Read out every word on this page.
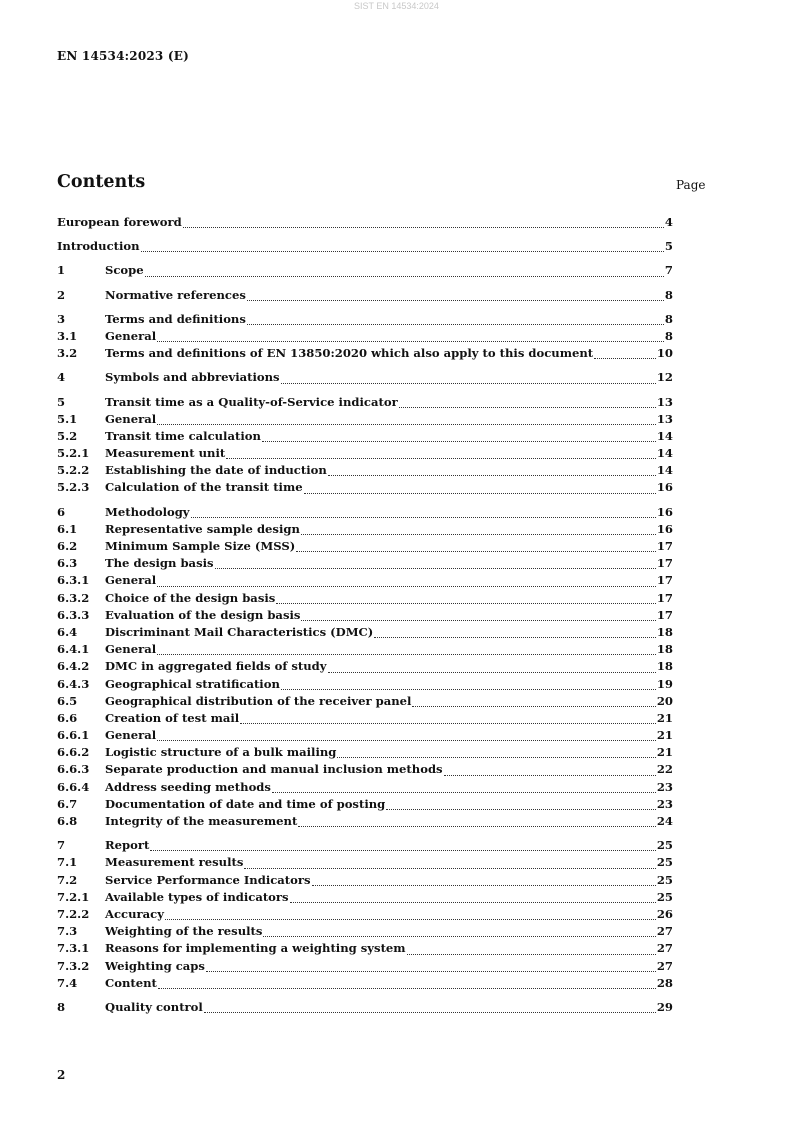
SIST EN 14534:2024
EN 14534:2023 (E)
Contents	Page
European foreword	4
Introduction	5
1	Scope	7
2	Normative references	8
3	Terms and definitions	8
3.1	General	8
3.2	Terms and definitions of EN 13850:2020 which also apply to this document	10
4	Symbols and abbreviations	12
5	Transit time as a Quality-of-Service indicator	13
5.1	General	13
5.2	Transit time calculation	14
5.2.1	Measurement unit	14
5.2.2	Establishing the date of induction	14
5.2.3	Calculation of the transit time	16
6	Methodology	16
6.1	Representative sample design	16
6.2	Minimum Sample Size (MSS)	17
6.3	The design basis	17
6.3.1	General	17
6.3.2	Choice of the design basis	17
6.3.3	Evaluation of the design basis	17
6.4	Discriminant Mail Characteristics (DMC)	18
6.4.1	General	18
6.4.2	DMC in aggregated fields of study	18
6.4.3	Geographical stratification	19
6.5	Geographical distribution of the receiver panel	20
6.6	Creation of test mail	21
6.6.1	General	21
6.6.2	Logistic structure of a bulk mailing	21
6.6.3	Separate production and manual inclusion methods	22
6.6.4	Address seeding methods	23
6.7	Documentation of date and time of posting	23
6.8	Integrity of the measurement	24
7	Report	25
7.1	Measurement results	25
7.2	Service Performance Indicators	25
7.2.1	Available types of indicators	25
7.2.2	Accuracy	26
7.3	Weighting of the results	27
7.3.1	Reasons for implementing a weighting system	27
7.3.2	Weighting caps	27
7.4	Content	28
8	Quality control	29
2
